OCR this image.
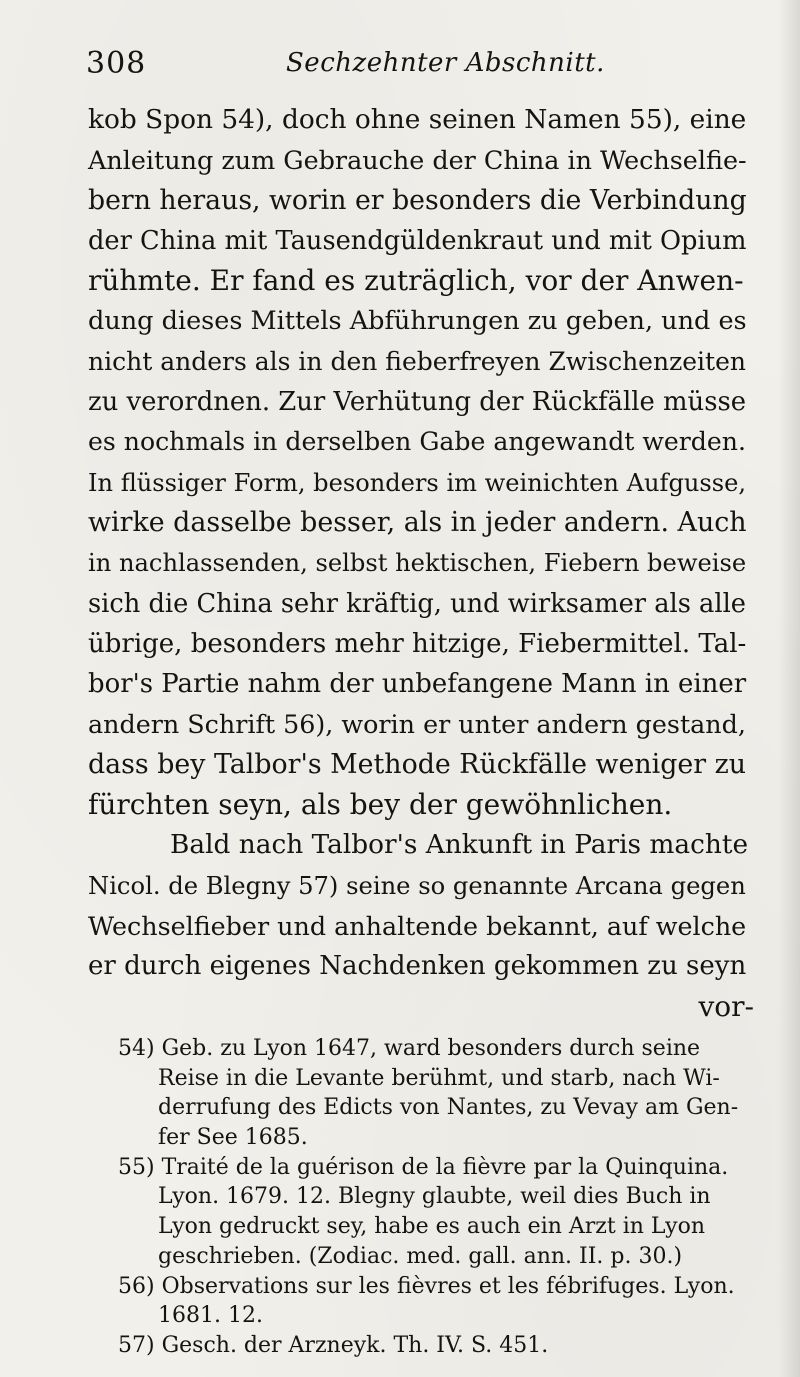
308	Sechzehnter Abschnitt.
kob Spon 54), doch ohne seinen Namen 55), eine
Anleitung zum Gebrauche der China in Wechselfie-
bern heraus, worin er besonders die Verbindung
der China mit Tausendgüldenkraut und mit Opium
rühmte. Er fand es zuträglich, vor der Anwen-
dung dieses Mittels Abführungen zu geben, und es
nicht anders als in den fieberfreyen Zwischenzeiten
zu verordnen. Zur Verhütung der Rückfälle müsse
es nochmals in derselben Gabe angewandt werden.
In flüssiger Form, besonders im weinichten Aufgusse,
wirke dasselbe besser, als in jeder andern. Auch
in nachlassenden, selbst hektischen, Fiebern beweise
sich die China sehr kräftig, und wirksamer als alle
übrige, besonders mehr hitzige, Fiebermittel. Tal-
bor's Partie nahm der unbefangene Mann in einer
andern Schrift 56), worin er unter andern gestand,
dass bey Talbor's Methode Rückfälle weniger zu
fürchten seyn, als bey der gewöhnlichen.
Bald nach Talbor's Ankunft in Paris machte
Nicol. de Blegny 57) seine so genannte Arcana gegen
Wechselfieber und anhaltende bekannt, auf welche
er durch eigenes Nachdenken gekommen zu seyn
vor-
54) Geb. zu Lyon 1647, ward besonders durch seine
Reise in die Levante berühmt, und starb, nach Wi-
derrufung des Edicts von Nantes, zu Vevay am Gen-
fer See 1685.
55) Traité de la guérison de la fièvre par la Quinquina.
Lyon. 1679. 12. Blegny glaubte, weil dies Buch in
Lyon gedruckt sey, habe es auch ein Arzt in Lyon
geschrieben. (Zodiac. med. gall. ann. II. p. 30.)
56) Observations sur les fièvres et les fébrifuges. Lyon.
1681. 12.
57) Gesch. der Arzneyk. Th. IV. S. 451.
